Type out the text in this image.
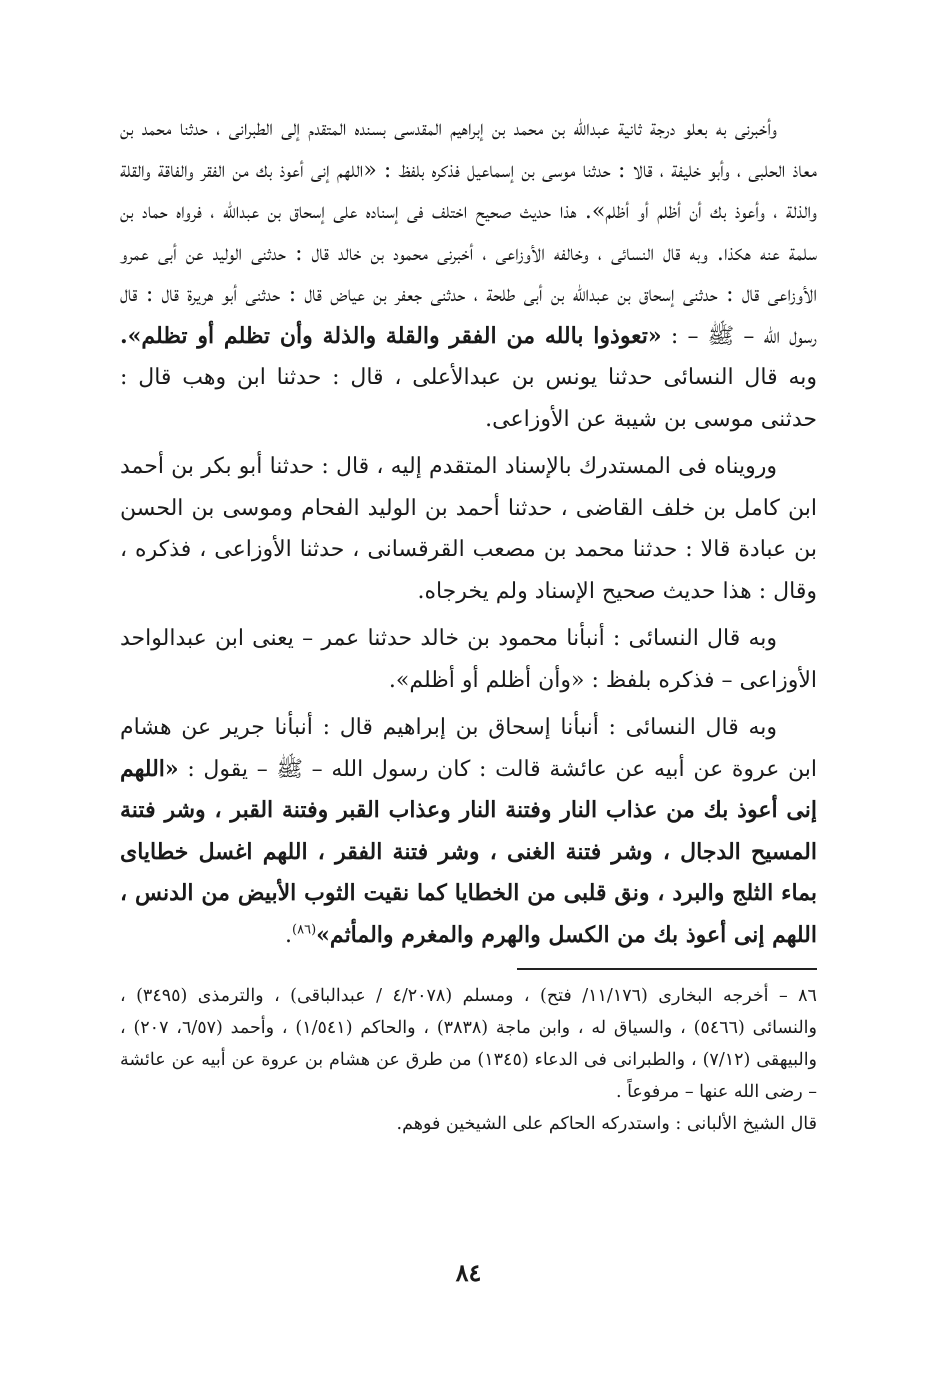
وأخبرنى به بعلو درجة ثانية عبدالله بن محمد بن إبراهيم المقدسى بسنده المتقدم إلى الطبرانى ، حدثنا محمد بن معاذ الحلبى ، وأبو خليفة ، قالا : حدثنا موسى بن إسماعيل فذكره بلفظ : «اللهم إنى أعوذ بك من الفقر والفاقة والقلة والذلة ، وأعوذ بك أن أظلم أو أظلم». هذا حديث صحيح اختلف فى إسناده على إسحاق بن عبدالله ، فرواه حماد بن سلمة عنه هكذا. وبه قال النسائى ، وخالفه الأوزاعى ، أخبرنى محمود بن خالد قال : حدثنى الوليد عن أبى عمرو الأوزاعى قال : حدثنى إسحاق بن عبدالله بن أبى طلحة ، حدثنى جعفر بن عياض قال : حدثنى أبو هريرة قال : قال رسول الله – ﷺ – : «تعوذوا بالله من الفقر والقلة والذلة وأن تظلم أو تظلم». وبه قال النسائى حدثنا يونس بن عبدالأعلى ، قال : حدثنا ابن وهب قال : حدثنى موسى بن شيبة عن الأوزاعى.

ورويناه فى المستدرك بالإسناد المتقدم إليه ، قال : حدثنا أبو بكر بن أحمد ابن كامل بن خلف القاضى ، حدثنا أحمد بن الوليد الفحام وموسى بن الحسن بن عبادة قالا : حدثنا محمد بن مصعب القرقسانى ، حدثنا الأوزاعى ، فذكره ، وقال : هذا حديث صحيح الإسناد ولم يخرجاه.

وبه قال النسائى : أنبأنا محمود بن خالد حدثنا عمر – يعنى ابن عبدالواحد الأوزاعى – فذكره بلفظ : «وأن أظلم أو أظلم».

وبه قال النسائى : أنبأنا إسحاق بن إبراهيم قال : أنبأنا جرير عن هشام ابن عروة عن أبيه عن عائشة قالت : كان رسول الله – ﷺ – يقول : «اللهم إنى أعوذ بك من عذاب النار وفتنة النار وعذاب القبر وفتنة القبر ، وشر فتنة المسيح الدجال ، وشر فتنة الغنى ، وشر فتنة الفقر ، اللهم اغسل خطاياى بماء الثلج والبرد ، ونق قلبى من الخطايا كما نقيت الثوب الأبيض من الدنس ، اللهم إنى أعوذ بك من الكسل والهرم والمغرم والمأثم»$^{(٨٦)}$.

٨٦ – أخرجه البخارى (١١/١٧٦/ فتح) ، ومسلم (٤/٢٠٧٨ / عبدالباقى) ، والترمذى (٣٤٩٥) ، والنسائى (٥٤٦٦) ، والسياق له ، وابن ماجة (٣٨٣٨) ، والحاكم (١/٥٤١) ، وأحمد (٦/٥٧، ٢٠٧) ، والبيهقى (٧/١٢) ، والطبرانى فى الدعاء (١٣٤٥) من طرق عن هشام بن عروة عن أبيه عن عائشة – رضى الله عنها – مرفوعاً .

قال الشيخ الألبانى : واستدركه الحاكم على الشيخين فوهم.

٨٤
